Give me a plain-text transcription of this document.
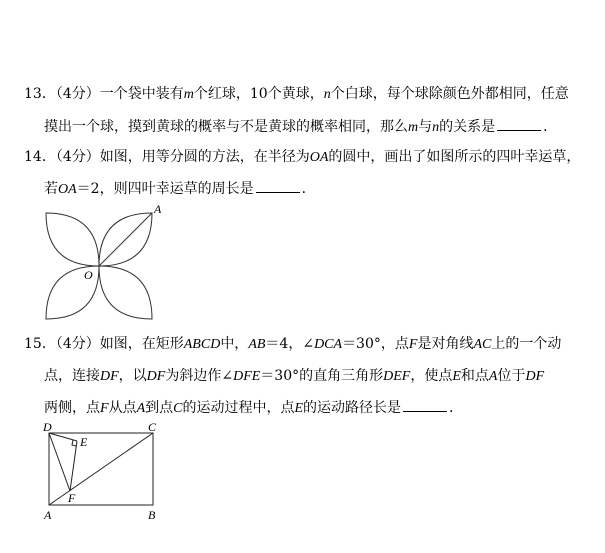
13．（4分）一个袋中装有m个红球，10个黄球，n个白球，每个球除颜色外都相同，任意
摸出一个球，摸到黄球的概率与不是黄球的概率相同，那么m与n的关系是	．
14．（4分）如图，用等分圆的方法，在半径为OA的圆中，画出了如图所示的四叶幸运草，
若OA＝2，则四叶幸运草的周长是	．
A
O
15．（4分）如图，在矩形ABCD中，AB＝4，∠DCA＝30°，点F是对角线AC上的一个动
点，连接DF，以DF为斜边作∠DFE＝30°的直角三角形DEF，使点E和点A位于DF
两侧，点F从点A到点C的运动过程中，点E的运动路径长是	．
D	C
E
F
A	B
